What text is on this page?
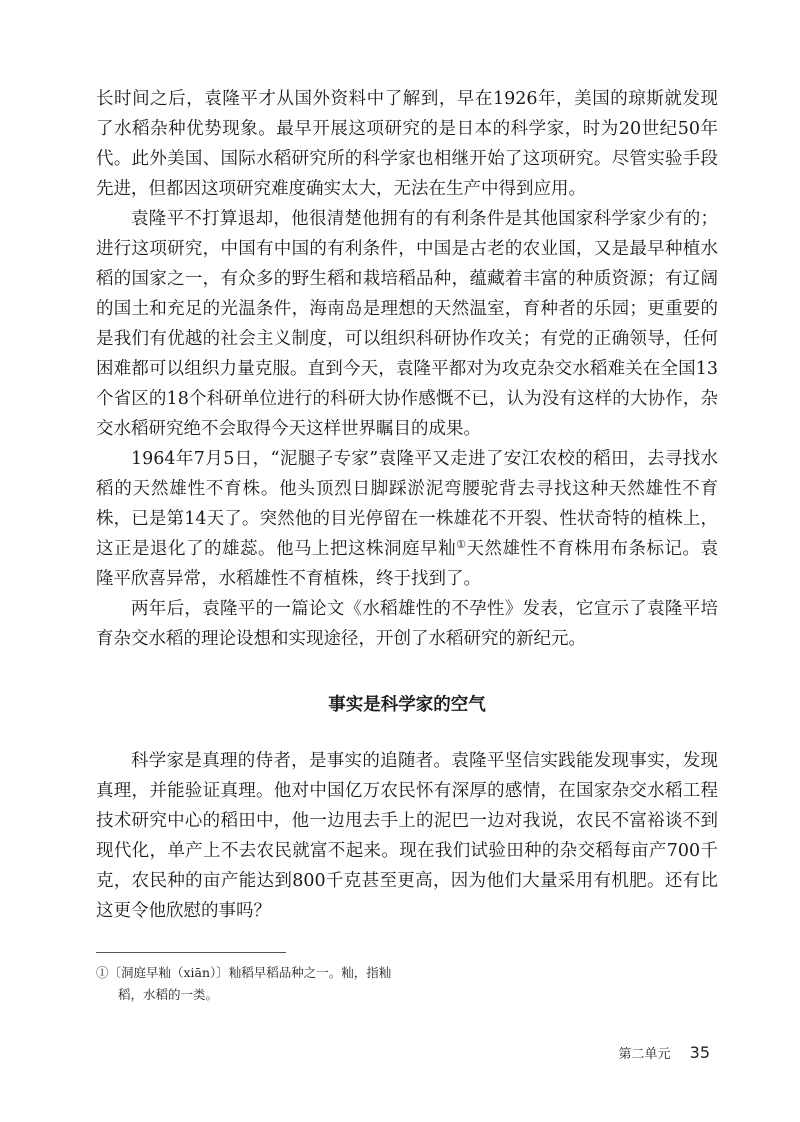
长时间之后，袁隆平才从国外资料中了解到，早在1926年，美国的琼斯就发现了水稻杂种优势现象。最早开展这项研究的是日本的科学家，时为20世纪50年代。此外美国、国际水稻研究所的科学家也相继开始了这项研究。尽管实验手段先进，但都因这项研究难度确实太大，无法在生产中得到应用。

袁隆平不打算退却，他很清楚他拥有的有利条件是其他国家科学家少有的；进行这项研究，中国有中国的有利条件，中国是古老的农业国，又是最早种植水稻的国家之一，有众多的野生稻和栽培稻品种，蕴藏着丰富的种质资源；有辽阔的国土和充足的光温条件，海南岛是理想的天然温室，育种者的乐园；更重要的是我们有优越的社会主义制度，可以组织科研协作攻关；有党的正确领导，任何困难都可以组织力量克服。直到今天，袁隆平都对为攻克杂交水稻难关在全国13个省区的18个科研单位进行的科研大协作感慨不已，认为没有这样的大协作，杂交水稻研究绝不会取得今天这样世界瞩目的成果。

1964年7月5日，“泥腿子专家”袁隆平又走进了安江农校的稻田，去寻找水稻的天然雄性不育株。他头顶烈日脚踩淤泥弯腰驼背去寻找这种天然雄性不育株，已是第14天了。突然他的目光停留在一株雄花不开裂、性状奇特的植株上，这正是退化了的雄蕊。他马上把这株洞庭早籼①天然雄性不育株用布条标记。袁隆平欣喜异常，水稻雄性不育植株，终于找到了。

两年后，袁隆平的一篇论文《水稻雄性的不孕性》发表，它宣示了袁隆平培育杂交水稻的理论设想和实现途径，开创了水稻研究的新纪元。

事实是科学家的空气

科学家是真理的侍者，是事实的追随者。袁隆平坚信实践能发现事实，发现真理，并能验证真理。他对中国亿万农民怀有深厚的感情，在国家杂交水稻工程技术研究中心的稻田中，他一边甩去手上的泥巴一边对我说，农民不富裕谈不到现代化，单产上不去农民就富不起来。现在我们试验田种的杂交稻每亩产700千克，农民种的亩产能达到800千克甚至更高，因为他们大量采用有机肥。还有比这更令他欣慰的事吗？

①〔洞庭早籼（xiān）〕籼稻早稻品种之一。籼，指籼
稻，水稻的一类。
第二单元 35
